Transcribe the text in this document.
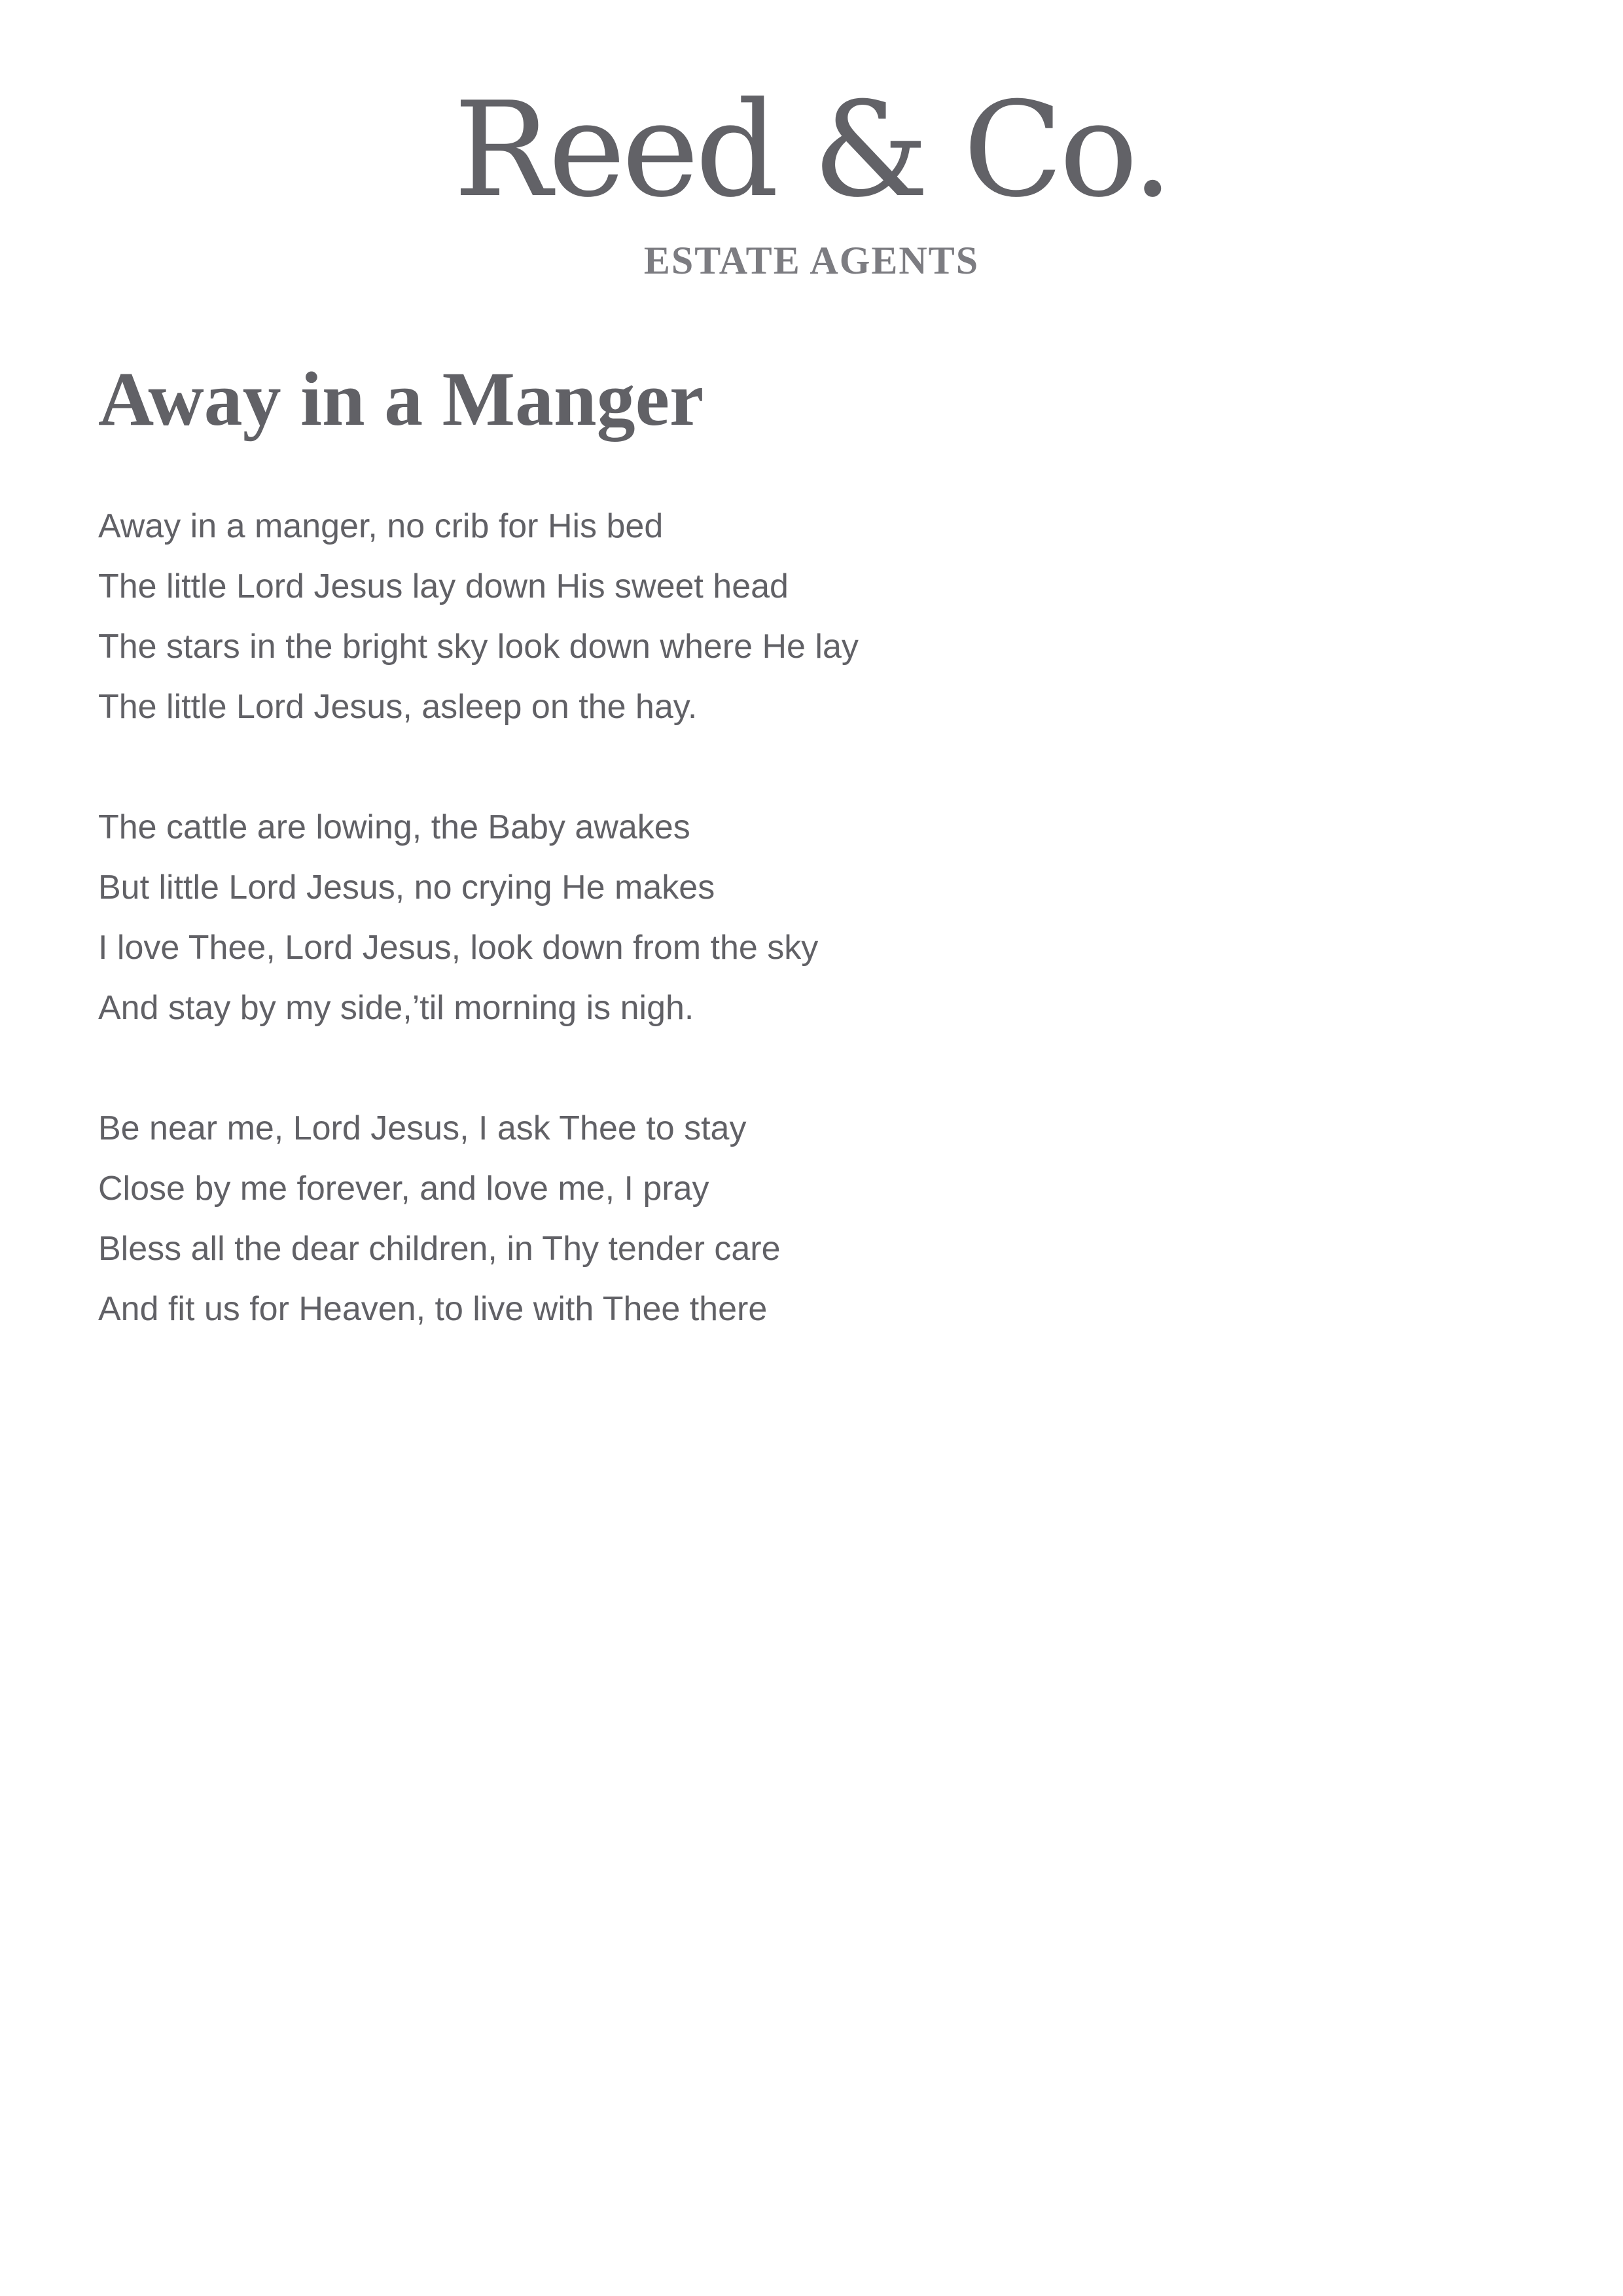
Reed & Co.
ESTATE AGENTS
Away in a Manger
Away in a manger, no crib for His bed
The little Lord Jesus lay down His sweet head
The stars in the bright sky look down where He lay
The little Lord Jesus, asleep on the hay.
The cattle are lowing, the Baby awakes
But little Lord Jesus, no crying He makes
I love Thee, Lord Jesus, look down from the sky
And stay by my side,’til morning is nigh.
Be near me, Lord Jesus, I ask Thee to stay
Close by me forever, and love me, I pray
Bless all the dear children, in Thy tender care
And fit us for Heaven, to live with Thee there
